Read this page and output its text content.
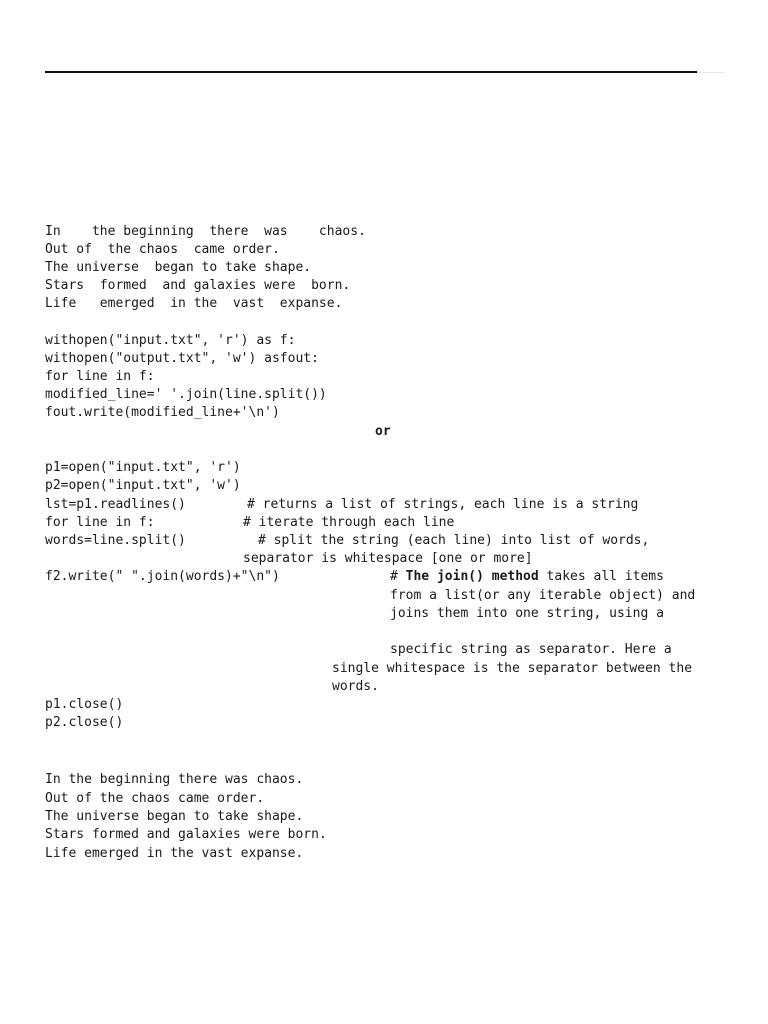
In    the beginning  there  was    chaos.
Out of  the chaos  came order.
The universe  began to take shape.
Stars  formed  and galaxies were  born.
Life   emerged  in the  vast  expanse.
withopen("input.txt", 'r') as f:
withopen("output.txt", 'w') asfout:
for line in f:
modified_line=' '.join(line.split())
fout.write(modified_line+'\n')
or
p1=open("input.txt", 'r')
p2=open("input.txt", 'w')
lst=p1.readlines()	# returns a list of strings, each line is a string
for line in f:	# iterate through each line
words=line.split()	# split the string (each line) into list of words,
separator is whitespace [one or more]
f2.write(" ".join(words)+"\n")	# The join() method takes all items
from a list(or any iterable object) and
joins them into one string, using a
specific string as separator. Here a
single whitespace is the separator between the
words.
p1.close()
p2.close()
In the beginning there was chaos.
Out of the chaos came order.
The universe began to take shape.
Stars formed and galaxies were born.
Life emerged in the vast expanse.
